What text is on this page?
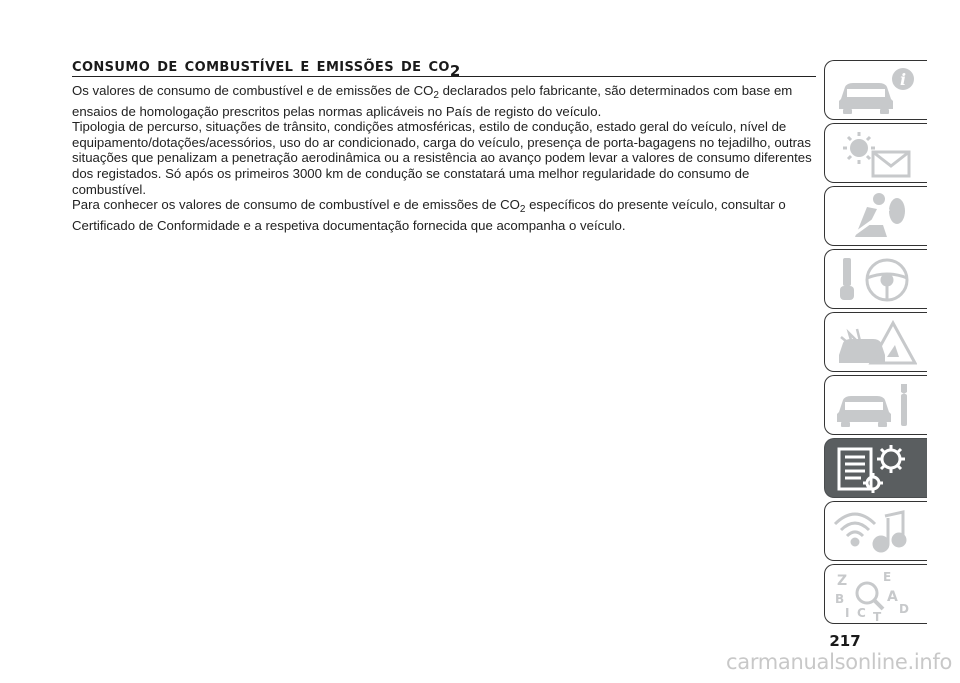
consumo de combustível e emissões de $co_2$

Os valores de consumo de combustível e de emissões de $CO_2$ declarados pelo fabricante, são determinados com base em ensaios de homologação prescritos pelas normas aplicáveis no País de registo do veículo.

Tipologia de percurso, situações de trânsito, condições atmosféricas, estilo de condução, estado geral do veículo, nível de equipamento/dotações/acessórios, uso do ar condicionado, carga do veículo, presença de porta-bagagens no tejadilho, outras situações que penalizam a penetração aerodinâmica ou a resistência ao avanço podem levar a valores de consumo diferentes dos registados. Só após os primeiros 3000 km de condução se constatará uma melhor regularidade do consumo de combustível.

Para conhecer os valores de consumo de combustível e de emissões de $CO_2$ específicos do presente veículo, consultar o Certificado de Conformidade e a respetiva documentação fornecida que acompanha o veículo.

i
Z	E
B	A
I C T
D
217
carmanualsonline.info
